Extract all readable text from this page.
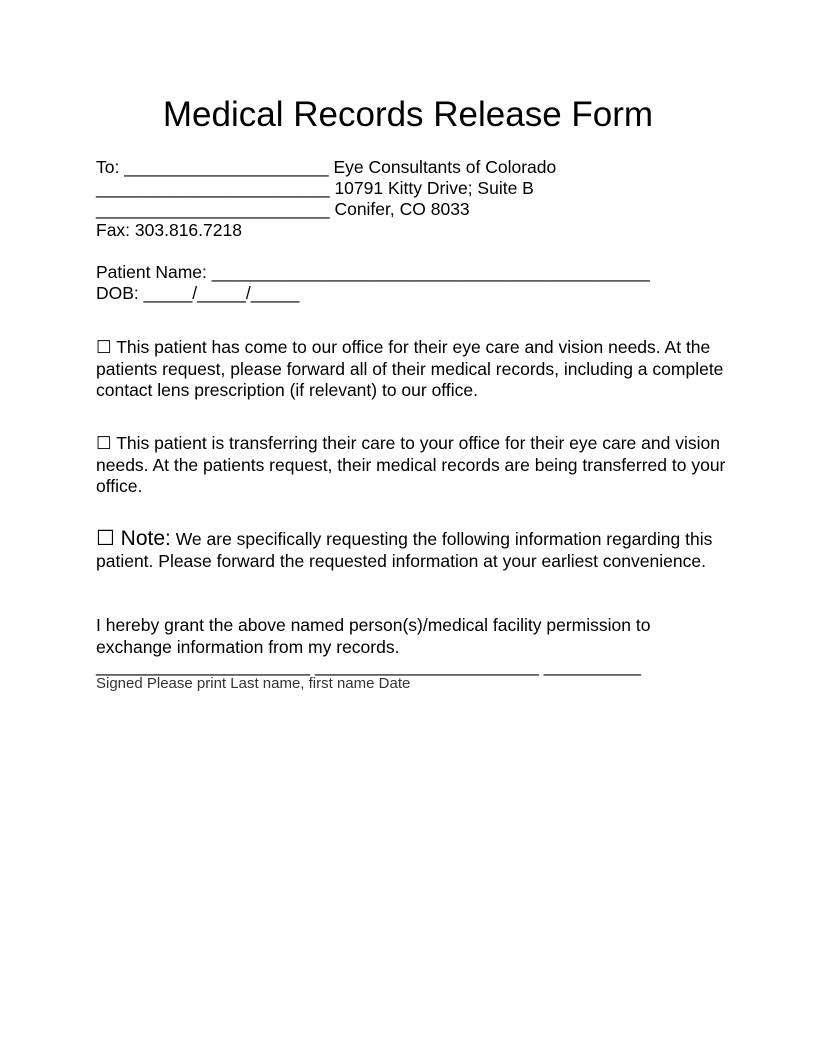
Medical Records Release Form
To: _____________________ Eye Consultants of Colorado
________________________ 10791 Kitty Drive; Suite B
________________________ Conifer, CO 8033
Fax: 303.816.7218
Patient Name: _____________________________________________
DOB: _____/_____/_____
☐ This patient has come to our office for their eye care and vision needs. At the patients request, please forward all of their medical records, including a complete contact lens prescription (if relevant) to our office.
☐ This patient is transferring their care to your office for their eye care and vision needs. At the patients request, their medical records are being transferred to your office.
☐ Note: We are specifically requesting the following information regarding this patient. Please forward the requested information at your earliest convenience.
I hereby grant the above named person(s)/medical facility permission to exchange information from my records.
______________________ _______________________ __________
Signed Please print Last name, first name Date
